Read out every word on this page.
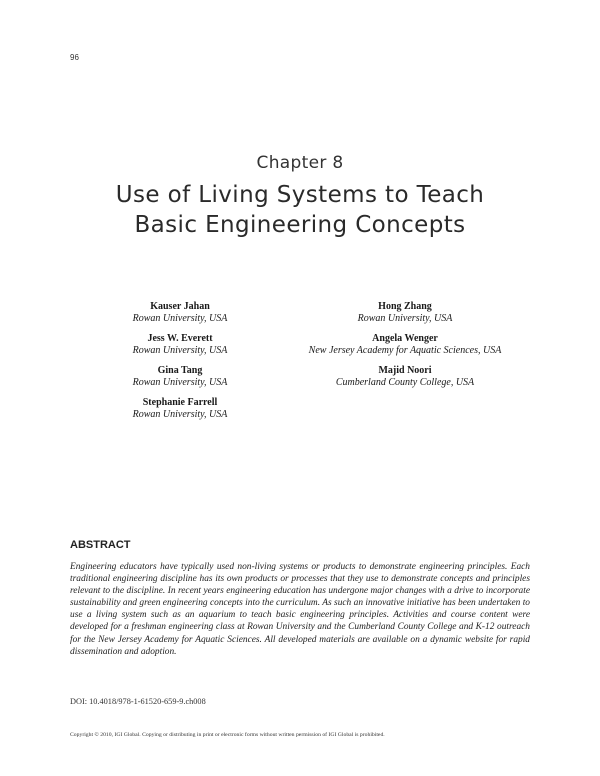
96
Chapter 8
Use of Living Systems to Teach
Basic Engineering Concepts
Kauser Jahan
Rowan University, USA
Jess W. Everett
Rowan University, USA
Gina Tang
Rowan University, USA
Stephanie Farrell
Rowan University, USA
Hong Zhang
Rowan University, USA
Angela Wenger
New Jersey Academy for Aquatic Sciences, USA
Majid Noori
Cumberland County College, USA
ABSTRACT

Engineering educators have typically used non-living systems or products to demonstrate engineering principles. Each traditional engineering discipline has its own products or processes that they use to demonstrate concepts and principles relevant to the discipline. In recent years engineering education has undergone major changes with a drive to incorporate sustainability and green engineering concepts into the curriculum. As such an innovative initiative has been undertaken to use a living system such as an aquarium to teach basic engineering principles. Activities and course content were developed for a freshman engineering class at Rowan University and the Cumberland County College and K-12 outreach for the New Jersey Academy for Aquatic Sciences. All developed materials are available on a dynamic website for rapid dissemination and adoption.

DOI: 10.4018/978-1-61520-659-9.ch008
Copyright © 2010, IGI Global. Copying or distributing in print or electronic forms without written permission of IGI Global is prohibited.
